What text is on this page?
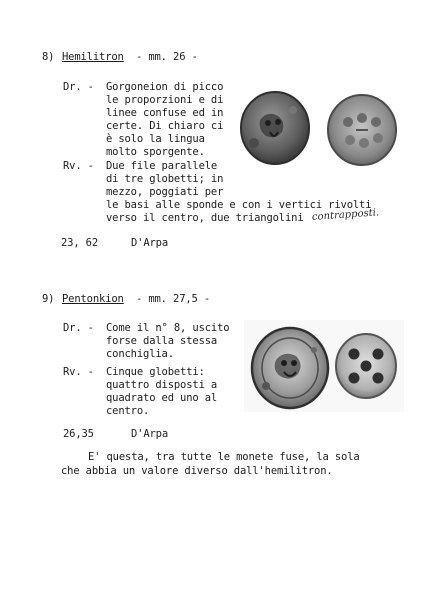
8) Hemilitron - mm. 26 -
Dr. - Gorgoneion di picco
le proporzioni e di
linee confuse ed in
certe. Di chiaro ci
è solo la lingua
molto sporgente.
Rv. - Due file parallele
di tre globetti; in
mezzo, poggiati per
le basi alle sponde e con i vertici rivolti
verso il centro, due triangolini contrapposti.
23, 62	D'Arpa
9) Pentonkion - mm. 27,5 -
Dr. - Come il n° 8, uscito
forse dalla stessa
conchiglia.
Rv. - Cinque globetti:
quattro disposti a
quadrato ed uno al
centro.
26,35	D'Arpa
E' questa, tra tutte le monete fuse, la sola
che abbia un valore diverso dall'hemilitron.
